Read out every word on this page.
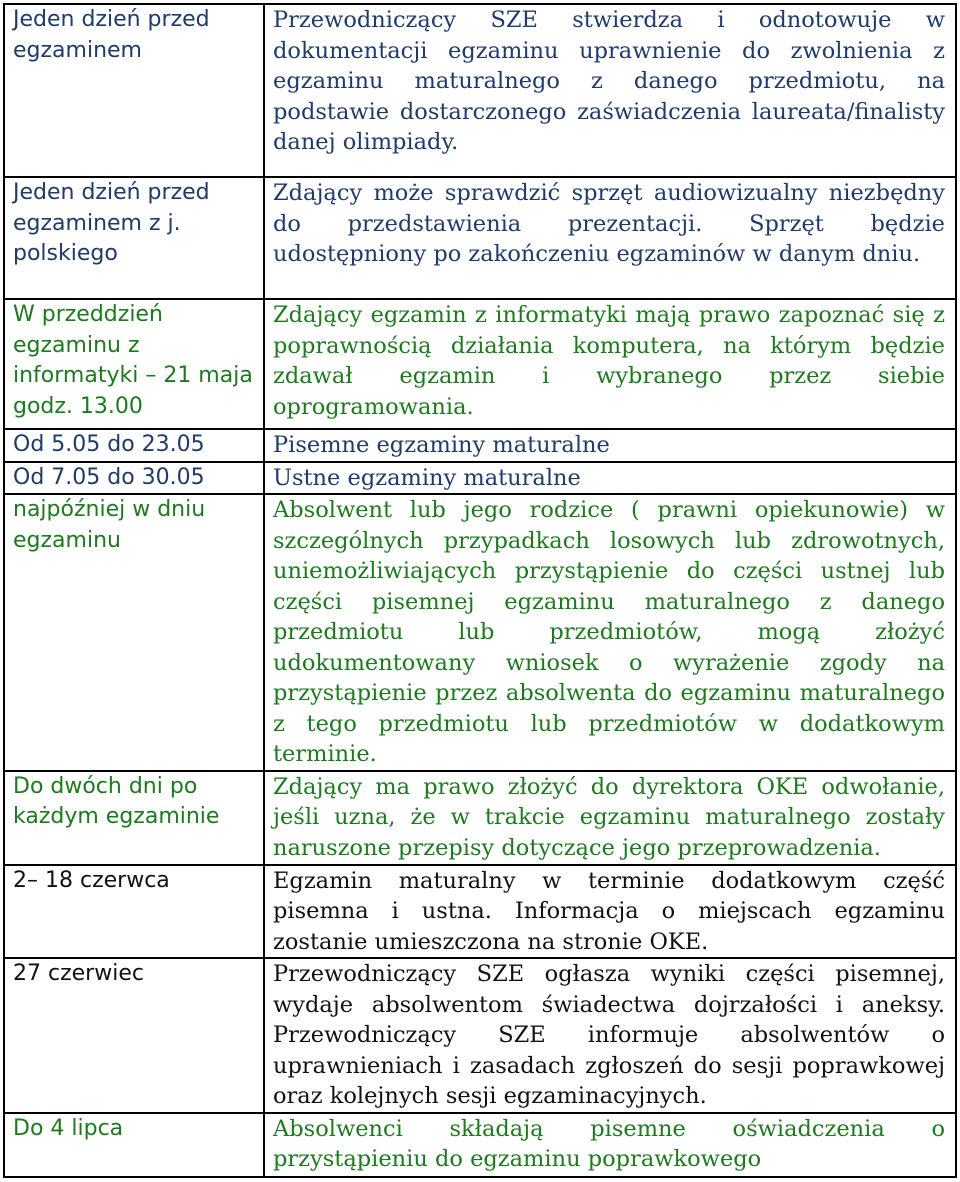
Jeden dzień przed egzaminem	Przewodniczący SZE stwierdza i odnotowuje w dokumentacji egzaminu uprawnienie do zwolnienia z egzaminu maturalnego z danego przedmiotu, na podstawie dostarczonego zaświadczenia laureata/finalisty danej olimpiady.
Jeden dzień przed egzaminem z j. polskiego	Zdający może sprawdzić sprzęt audiowizualny niezbędny do przedstawienia prezentacji. Sprzęt będzie udostępniony po zakończeniu egzaminów w danym dniu.
W przeddzień egzaminu z informatyki – 21 maja godz. 13.00	Zdający egzamin z informatyki mają prawo zapoznać się z poprawnością działania komputera, na którym będzie zdawał egzamin i wybranego przez siebie oprogramowania.
Od 5.05 do 23.05	Pisemne egzaminy maturalne
Od 7.05 do 30.05	Ustne egzaminy maturalne
najpóźniej w dniu egzaminu	Absolwent lub jego rodzice ( prawni opiekunowie) w szczególnych przypadkach losowych lub zdrowotnych, uniemożliwiających przystąpienie do części ustnej lub części pisemnej egzaminu maturalnego z danego przedmiotu lub przedmiotów, mogą złożyć udokumentowany wniosek o wyrażenie zgody na przystąpienie przez absolwenta do egzaminu maturalnego z tego przedmiotu lub przedmiotów w dodatkowym terminie.
Do dwóch dni po każdym egzaminie	Zdający ma prawo złożyć do dyrektora OKE odwołanie, jeśli uzna, że w trakcie egzaminu maturalnego zostały naruszone przepisy dotyczące jego przeprowadzenia.
2– 18 czerwca	Egzamin maturalny w terminie dodatkowym część pisemna i ustna. Informacja o miejscach egzaminu zostanie umieszczona na stronie OKE.
27 czerwiec	Przewodniczący SZE ogłasza wyniki części pisemnej, wydaje absolwentom świadectwa dojrzałości i aneksy. Przewodniczący SZE informuje absolwentów o uprawnieniach i zasadach zgłoszeń do sesji poprawkowej oraz kolejnych sesji egzaminacyjnych.
Do 4 lipca	Absolwenci składają pisemne oświadczenia o przystąpieniu do egzaminu poprawkowego
